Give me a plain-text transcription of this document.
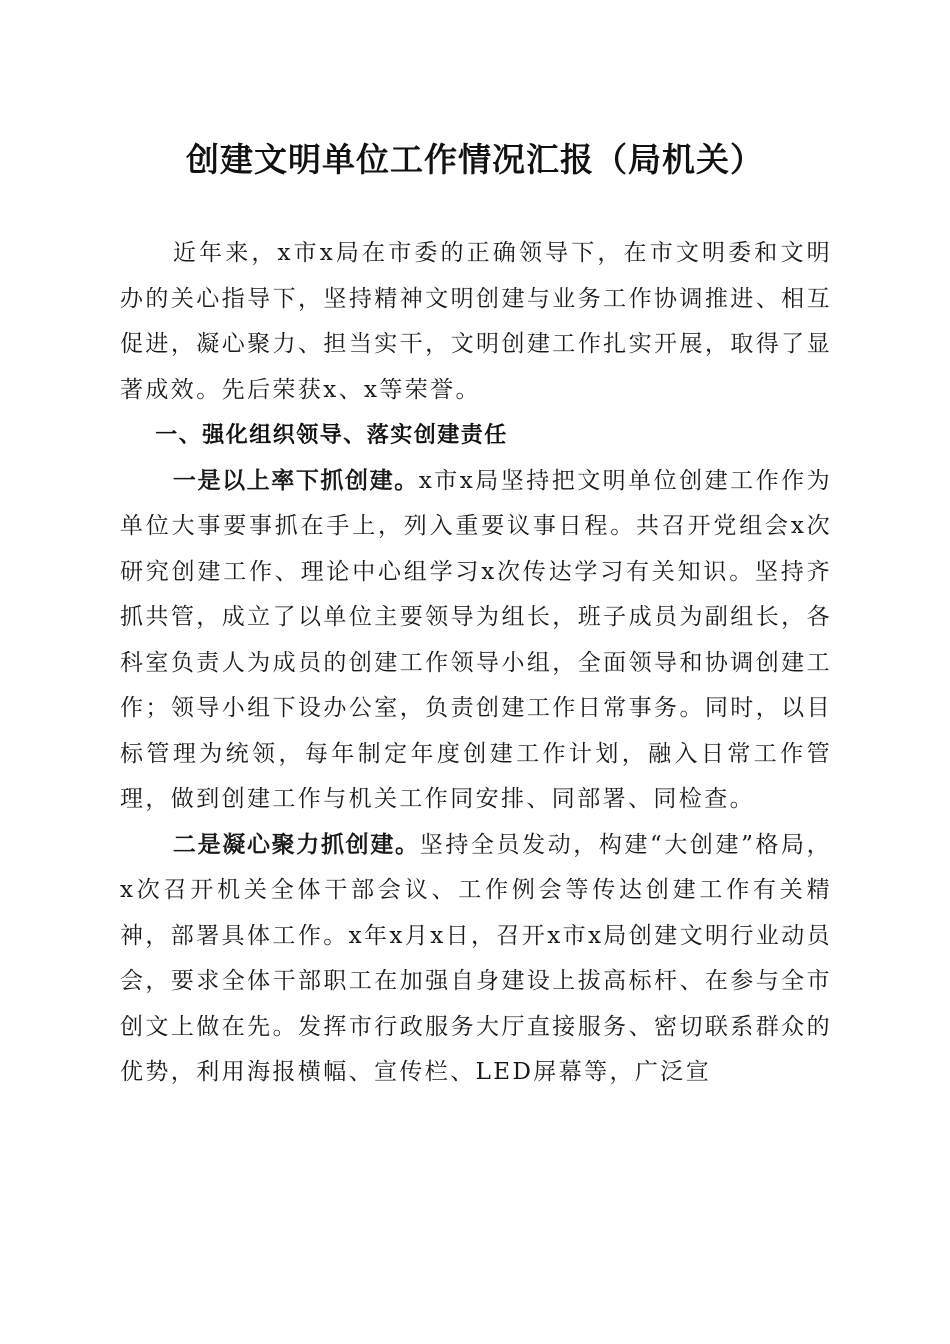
创建文明单位工作情况汇报（局机关）

近年来，x市x局在市委的正确领导下，在市文明委和文明办的关心指导下，坚持精神文明创建与业务工作协调推进、相互促进，凝心聚力、担当实干，文明创建工作扎实开展，取得了显著成效。先后荣获x、x等荣誉。

一、强化组织领导、落实创建责任

一是以上率下抓创建。x市x局坚持把文明单位创建工作作为单位大事要事抓在手上，列入重要议事日程。共召开党组会x次研究创建工作、理论中心组学习x次传达学习有关知识。坚持齐抓共管，成立了以单位主要领导为组长，班子成员为副组长，各科室负责人为成员的创建工作领导小组，全面领导和协调创建工作；领导小组下设办公室，负责创建工作日常事务。同时，以目标管理为统领，每年制定年度创建工作计划，融入日常工作管理，做到创建工作与机关工作同安排、同部署、同检查。

二是凝心聚力抓创建。坚持全员发动，构建“大创建”格局，x次召开机关全体干部会议、工作例会等传达创建工作有关精神，部署具体工作。x年x月x日，召开x市x局创建文明行业动员会，要求全体干部职工在加强自身建设上拔高标杆、在参与全市创文上做在先。发挥市行政服务大厅直接服务、密切联系群众的优势，利用海报横幅、宣传栏、LED屏幕等，广泛宣
